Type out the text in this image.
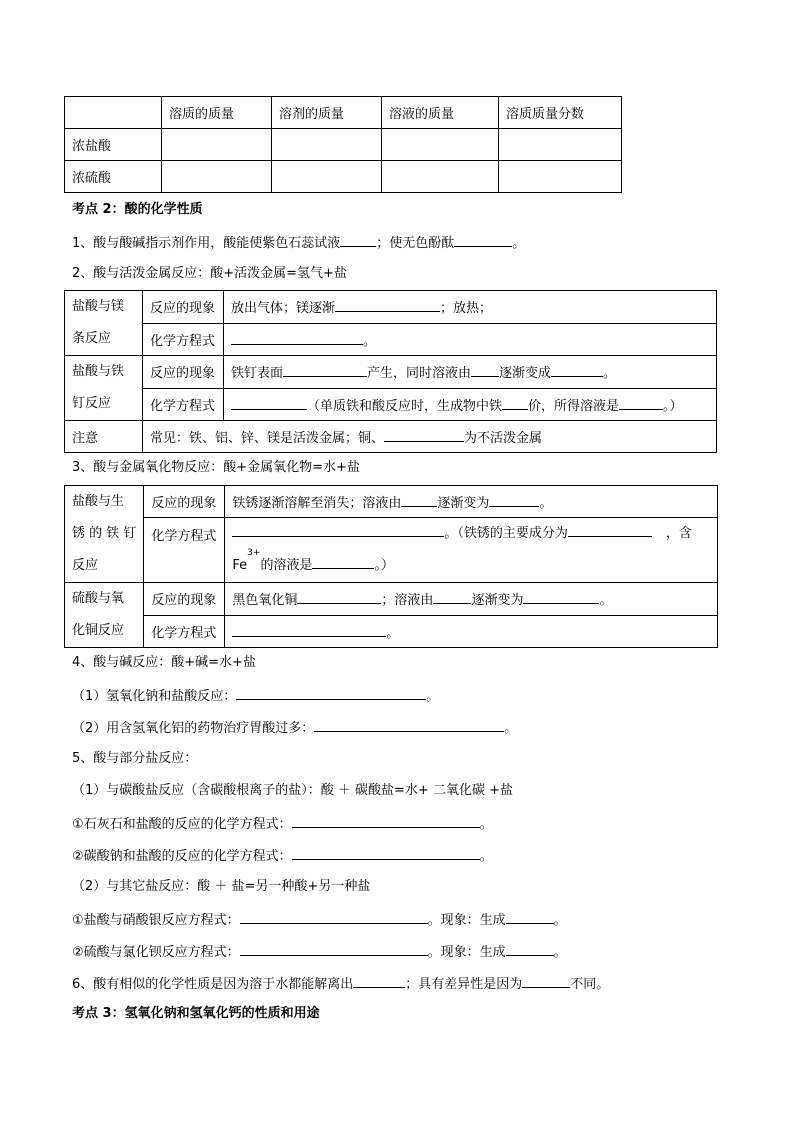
	溶质的质量	溶剂的质量	溶液的质量	溶质质量分数
浓盐酸				
浓硫酸				
考点 2：酸的化学性质
1、酸与酸碱指示剂作用，酸能使紫色石蕊试液	；使无色酚酞	。
2、酸与活泼金属反应：酸+活泼金属=氢气+盐
盐酸与镁
条反应	反应的现象	放出气体；镁逐渐 ；放热；
	化学方程式	。

盐酸与铁
钉反应	反应的现象	铁钉表面 产生，同时溶液由 逐渐变成 。
	化学方程式	（单质铁和酸反应时，生成物中铁 价，所得溶液是 。）
注意	常见：铁、铝、锌、镁是活泼金属；铜、 为不活泼金属	
3、酸与金属氧化物反应：酸+金属氧化物=水+盐
盐酸与生
锈 的 铁 钉
反应	反应的现象	铁锈逐渐溶解至消失；溶液由 逐渐变为 。
	化学方程式	。（铁锈的主要成分为 ，含
$Fe^{3+}$的溶液是 。）

硫酸与氧
化铜反应	反应的现象	黑色氧化铜 ；溶液由 逐渐变为 。
	化学方程式	。
4、酸与碱反应：酸+碱=水+盐
（1）氢氧化钠和盐酸反应：	。
（2）用含氢氧化铝的药物治疗胃酸过多：	。
5、酸与部分盐反应：
（1）与碳酸盐反应（含碳酸根离子的盐）：酸 ＋ 碳酸盐=水+ 二氧化碳 +盐
①石灰石和盐酸的反应的化学方程式：	。
②碳酸钠和盐酸的反应的化学方程式：	。
（2）与其它盐反应：酸 ＋ 盐=另一种酸+另一种盐
①盐酸与硝酸银反应方程式：	。现象：生成	。
②硫酸与氯化钡反应方程式：	。现象：生成	。
6、酸有相似的化学性质是因为溶于水都能解离出	；具有差异性是因为	不同。
考点 3：氢氧化钠和氢氧化钙的性质和用途
